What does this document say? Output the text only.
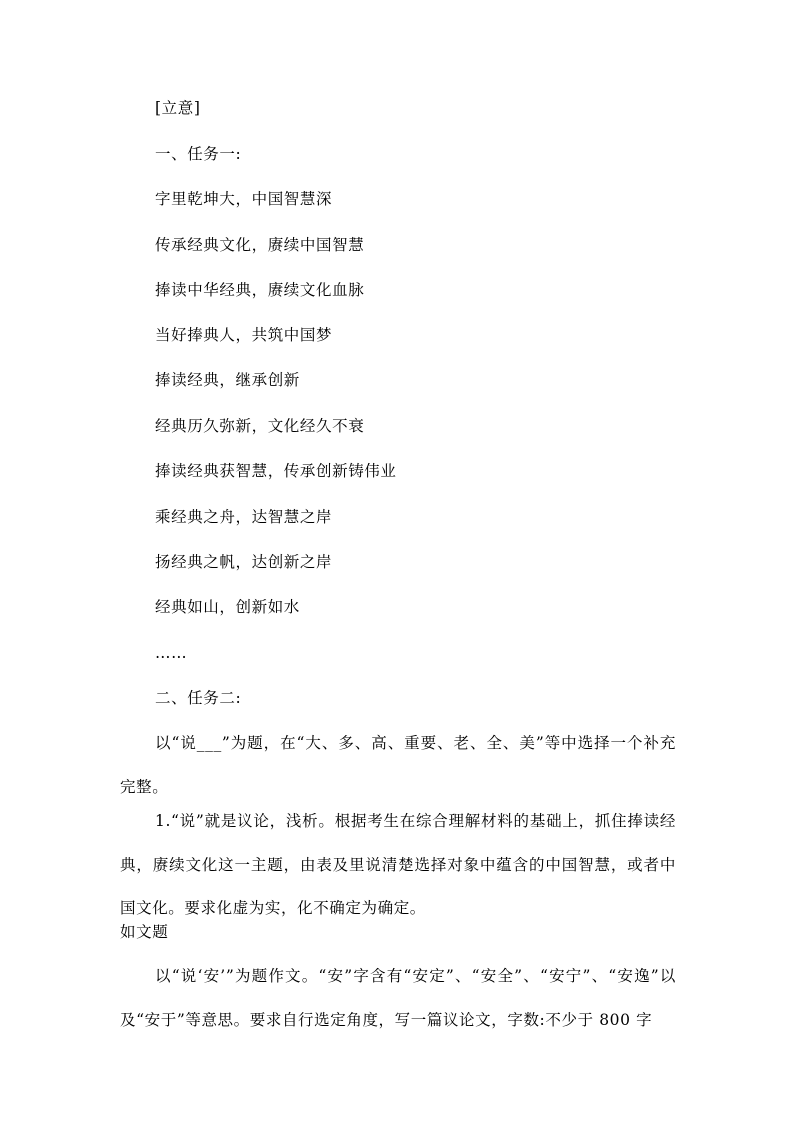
[立意]
一、任务一:
字里乾坤大，中国智慧深
传承经典文化，赓续中国智慧
捧读中华经典，赓续文化血脉
当好捧典人，共筑中国梦
捧读经典，继承创新
经典历久弥新，文化经久不衰
捧读经典获智慧，传承创新铸伟业
乘经典之舟，达智慧之岸
扬经典之帆，达创新之岸
经典如山，创新如水
……
二、任务二:
以“说___”为题，在“大、多、高、重要、老、全、美”等中选择一个补充完整。
1.“说”就是议论，浅析。根据考生在综合理解材料的基础上，抓住捧读经典，赓续文化这一主题，由表及里说清楚选择对象中蕴含的中国智慧，或者中国文化。要求化虚为实，化不确定为确定。
如文题
以“说‘安’”为题作文。“安”字含有“安定”、“安全”、“安宁”、“安逸”以及“安于”等意思。要求自行选定角度，写一篇议论文，字数:不少于 800 字
